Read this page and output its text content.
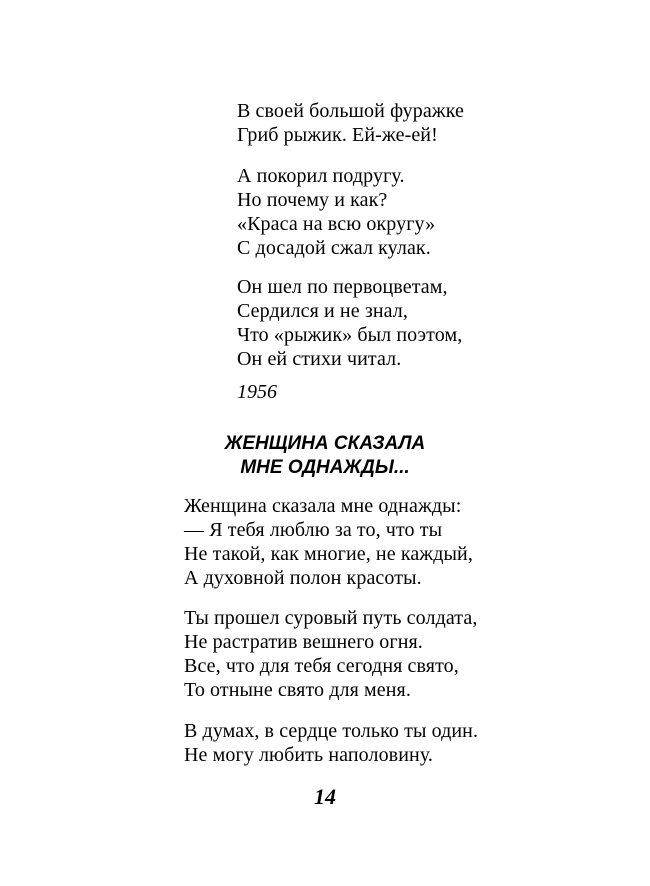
В своей большой фуражке
Гриб рыжик. Ей-же-ей!
А покорил подругу.
Но почему и как?
«Краса на всю округу»
С досадой сжал кулак.
Он шел по первоцветам,
Сердился и не знал,
Что «рыжик» был поэтом,
Он ей стихи читал.
1956
ЖЕНЩИНА СКАЗАЛА
МНЕ ОДНАЖДЫ...
Женщина сказала мне однажды:
— Я тебя люблю за то, что ты
Не такой, как многие, не каждый,
А духовной полон красоты.
Ты прошел суровый путь солдата,
Не растратив вешнего огня.
Все, что для тебя сегодня свято,
То отныне свято для меня.
В думах, в сердце только ты один.
Не могу любить наполовину.
14
